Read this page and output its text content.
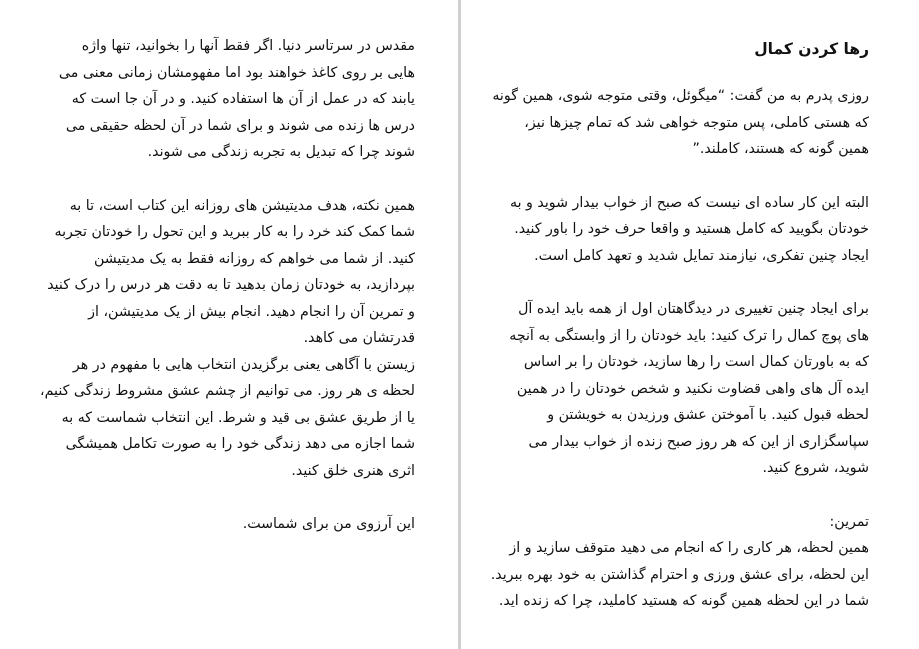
مقدس در سرتاسر دنیا. اگر فقط آنها را بخوانید، تنها واژه
هایی بر روی کاغذ خواهند بود اما مفهومشان زمانی معنی می
یابند که در عمل از آن ها استفاده کنید. و در آن جا است که
درس ها زنده می شوند و برای شما در آن لحظه حقیقی می
شوند چرا که تبدیل به تجربه زندگی می شوند.
همین نکته، هدف مدیتیشن های روزانه این کتاب است، تا به
شما کمک کند خرد را به کار ببرید و این تحول را خودتان تجربه
کنید. از شما می خواهم که روزانه فقط به یک مدیتیشن
بپردازید، به خودتان زمان بدهید تا به دقت هر درس را درک کنید
و تمرین آن را انجام دهید. انجام بیش از یک مدیتیشن، از
قدرتشان می کاهد.
زیستن با آگاهی یعنی برگزیدن انتخاب هایی با مفهوم در هر
لحظه ی هر روز. می توانیم از چشم عشق مشروط زندگی کنیم،
یا از طریق عشق بی قید و شرط. این انتخاب شماست که به
شما اجازه می دهد زندگی خود را به صورت تکامل همیشگی
اثری هنری خلق کنید.
این آرزوی من برای شماست.
رها کردن کمال
روزی پدرم به من گفت: “میگوئل، وقتی متوجه شوی، همین گونه
که هستی کاملی، پس متوجه خواهی شد که تمام چیزها نیز،
همین گونه که هستند، کاملند.”
البته این کار ساده ای نیست که صبح از خواب بیدار شوید و به
خودتان بگویید که کامل هستید و واقعا حرف خود را باور کنید.
ایجاد چنین تفکری، نیازمند تمایل شدید و تعهد کامل است.
برای ایجاد چنین تغییری در دیدگاهتان اول از همه باید ایده آل
های پوچ کمال را ترک کنید: باید خودتان را از وابستگی به آنچه
که به باورتان کمال است را رها سازید، خودتان را بر اساس
ایده آل های واهی قضاوت نکنید و شخص خودتان را در همین
لحظه قبول کنید. با آموختن عشق ورزیدن به خویشتن و
سپاسگزاری از این که هر روز صبح زنده از خواب بیدار می
شوید، شروع کنید.
تمرین:
همین لحظه، هر کاری را که انجام می دهید متوقف سازید و از
این لحظه، برای عشق ورزی و احترام گذاشتن به خود بهره ببرید.
شما در این لحظه همین گونه که هستید کاملید، چرا که زنده اید.
